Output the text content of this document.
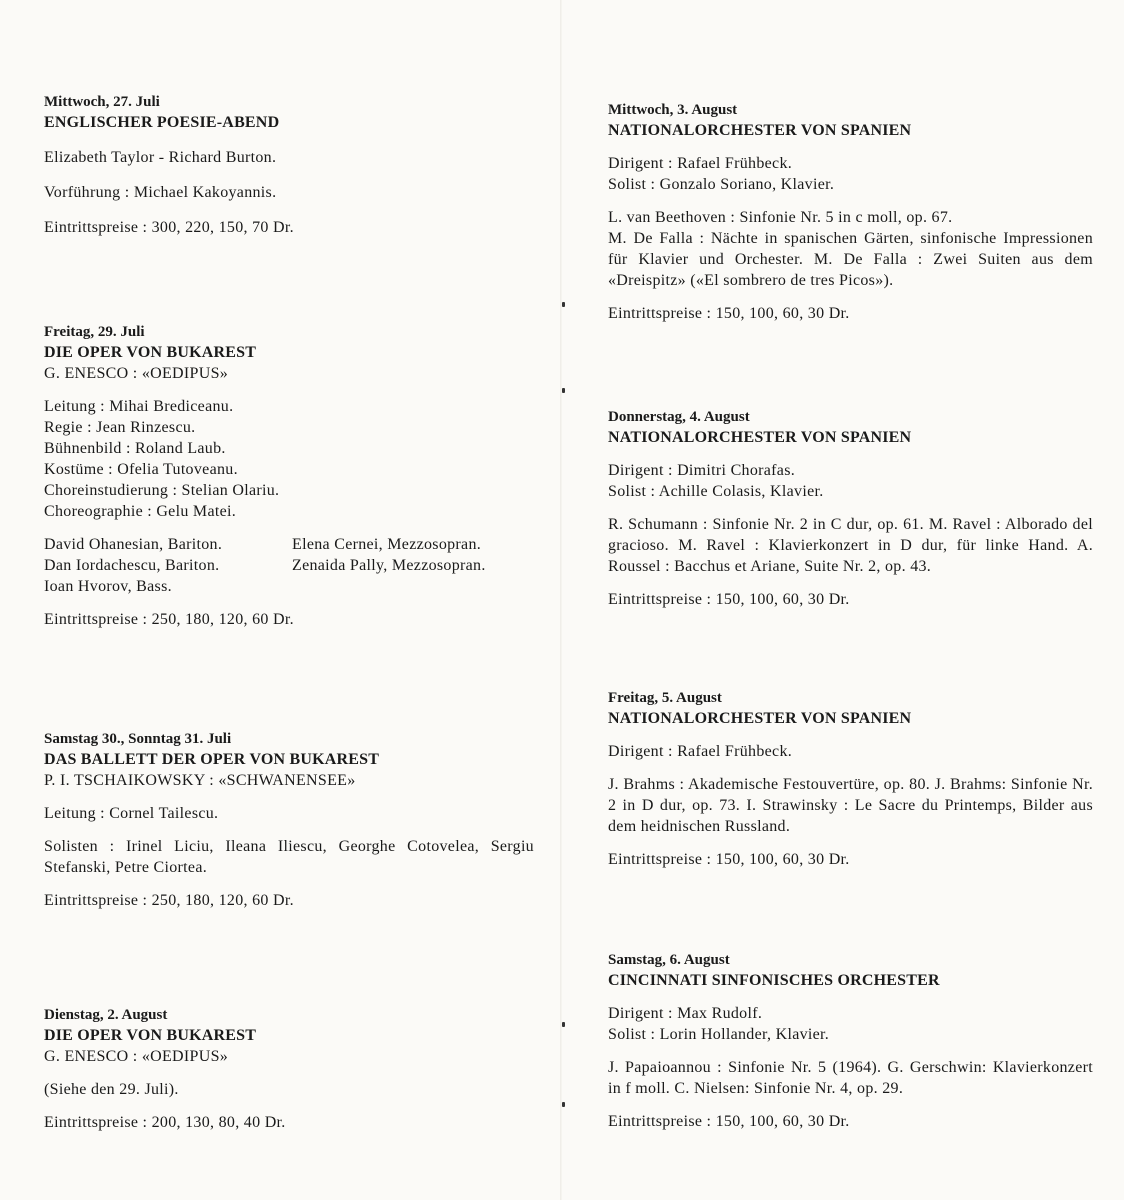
Mittwoch, 27. Juli

ENGLISCHER POESIE-ABEND

Elizabeth Taylor - Richard Burton.

Vorführung : Michael Kakoyannis.

Eintrittspreise : 300, 220, 150, 70 Dr.

Freitag, 29. Juli

DIE OPER VON BUKAREST

G. ENESCO : «OEDIPUS»

Leitung : Mihai Brediceanu.

Regie : Jean Rinzescu.

Bühnenbild : Roland Laub.

Kostüme : Ofelia Tutoveanu.

Choreinstudierung : Stelian Olariu.

Choreographie : Gelu Matei.

David Ohanesian, Bariton.	Elena Cernei, Mezzosopran.
Dan Iordachescu, Bariton.	Zenaida Pally, Mezzosopran.
Ioan Hvorov, Bass.

Eintrittspreise : 250, 180, 120, 60 Dr.

Samstag 30., Sonntag 31. Juli

DAS BALLETT DER OPER VON BUKAREST

P. I. TSCHAIKOWSKY : «SCHWANENSEE»

Leitung : Cornel Tailescu.

Solisten : Irinel Liciu, Ileana Iliescu, Georghe Cotovelea, Sergiu Stefanski, Petre Ciortea.

Eintrittspreise : 250, 180, 120, 60 Dr.

Dienstag, 2. August

DIE OPER VON BUKAREST

G. ENESCO : «OEDIPUS»

(Siehe den 29. Juli).

Eintrittspreise : 200, 130, 80, 40 Dr.

Mittwoch, 3. August

NATIONALORCHESTER VON SPANIEN

Dirigent : Rafael Frühbeck.

Solist : Gonzalo Soriano, Klavier.

L. van Beethoven : Sinfonie Nr. 5 in c moll, op. 67.

M. De Falla : Nächte in spanischen Gärten, sinfonische Impressionen für Klavier und Orchester. M. De Falla : Zwei Suiten aus dem «Dreispitz» («El sombrero de tres Picos»).

Eintrittspreise : 150, 100, 60, 30 Dr.

Donnerstag, 4. August

NATIONALORCHESTER VON SPANIEN

Dirigent : Dimitri Chorafas.

Solist : Achille Colasis, Klavier.

R. Schumann : Sinfonie Nr. 2 in C dur, op. 61. M. Ravel : Alborado del gracioso. M. Ravel : Klavierkonzert in D dur, für linke Hand. A. Roussel : Bacchus et Ariane, Suite Nr. 2, op. 43.

Eintrittspreise : 150, 100, 60, 30 Dr.

Freitag, 5. August

NATIONALORCHESTER VON SPANIEN

Dirigent : Rafael Frühbeck.

J. Brahms : Akademische Festouvertüre, op. 80. J. Brahms: Sinfonie Nr. 2 in D dur, op. 73. I. Strawinsky : Le Sacre du Printemps, Bilder aus dem heidnischen Russland.

Eintrittspreise : 150, 100, 60, 30 Dr.

Samstag, 6. August

CINCINNATI SINFONISCHES ORCHESTER

Dirigent : Max Rudolf.

Solist : Lorin Hollander, Klavier.

J. Papaioannou : Sinfonie Nr. 5 (1964). G. Gerschwin: Klavierkonzert in f moll. C. Nielsen: Sinfonie Nr. 4, op. 29.

Eintrittspreise : 150, 100, 60, 30 Dr.
